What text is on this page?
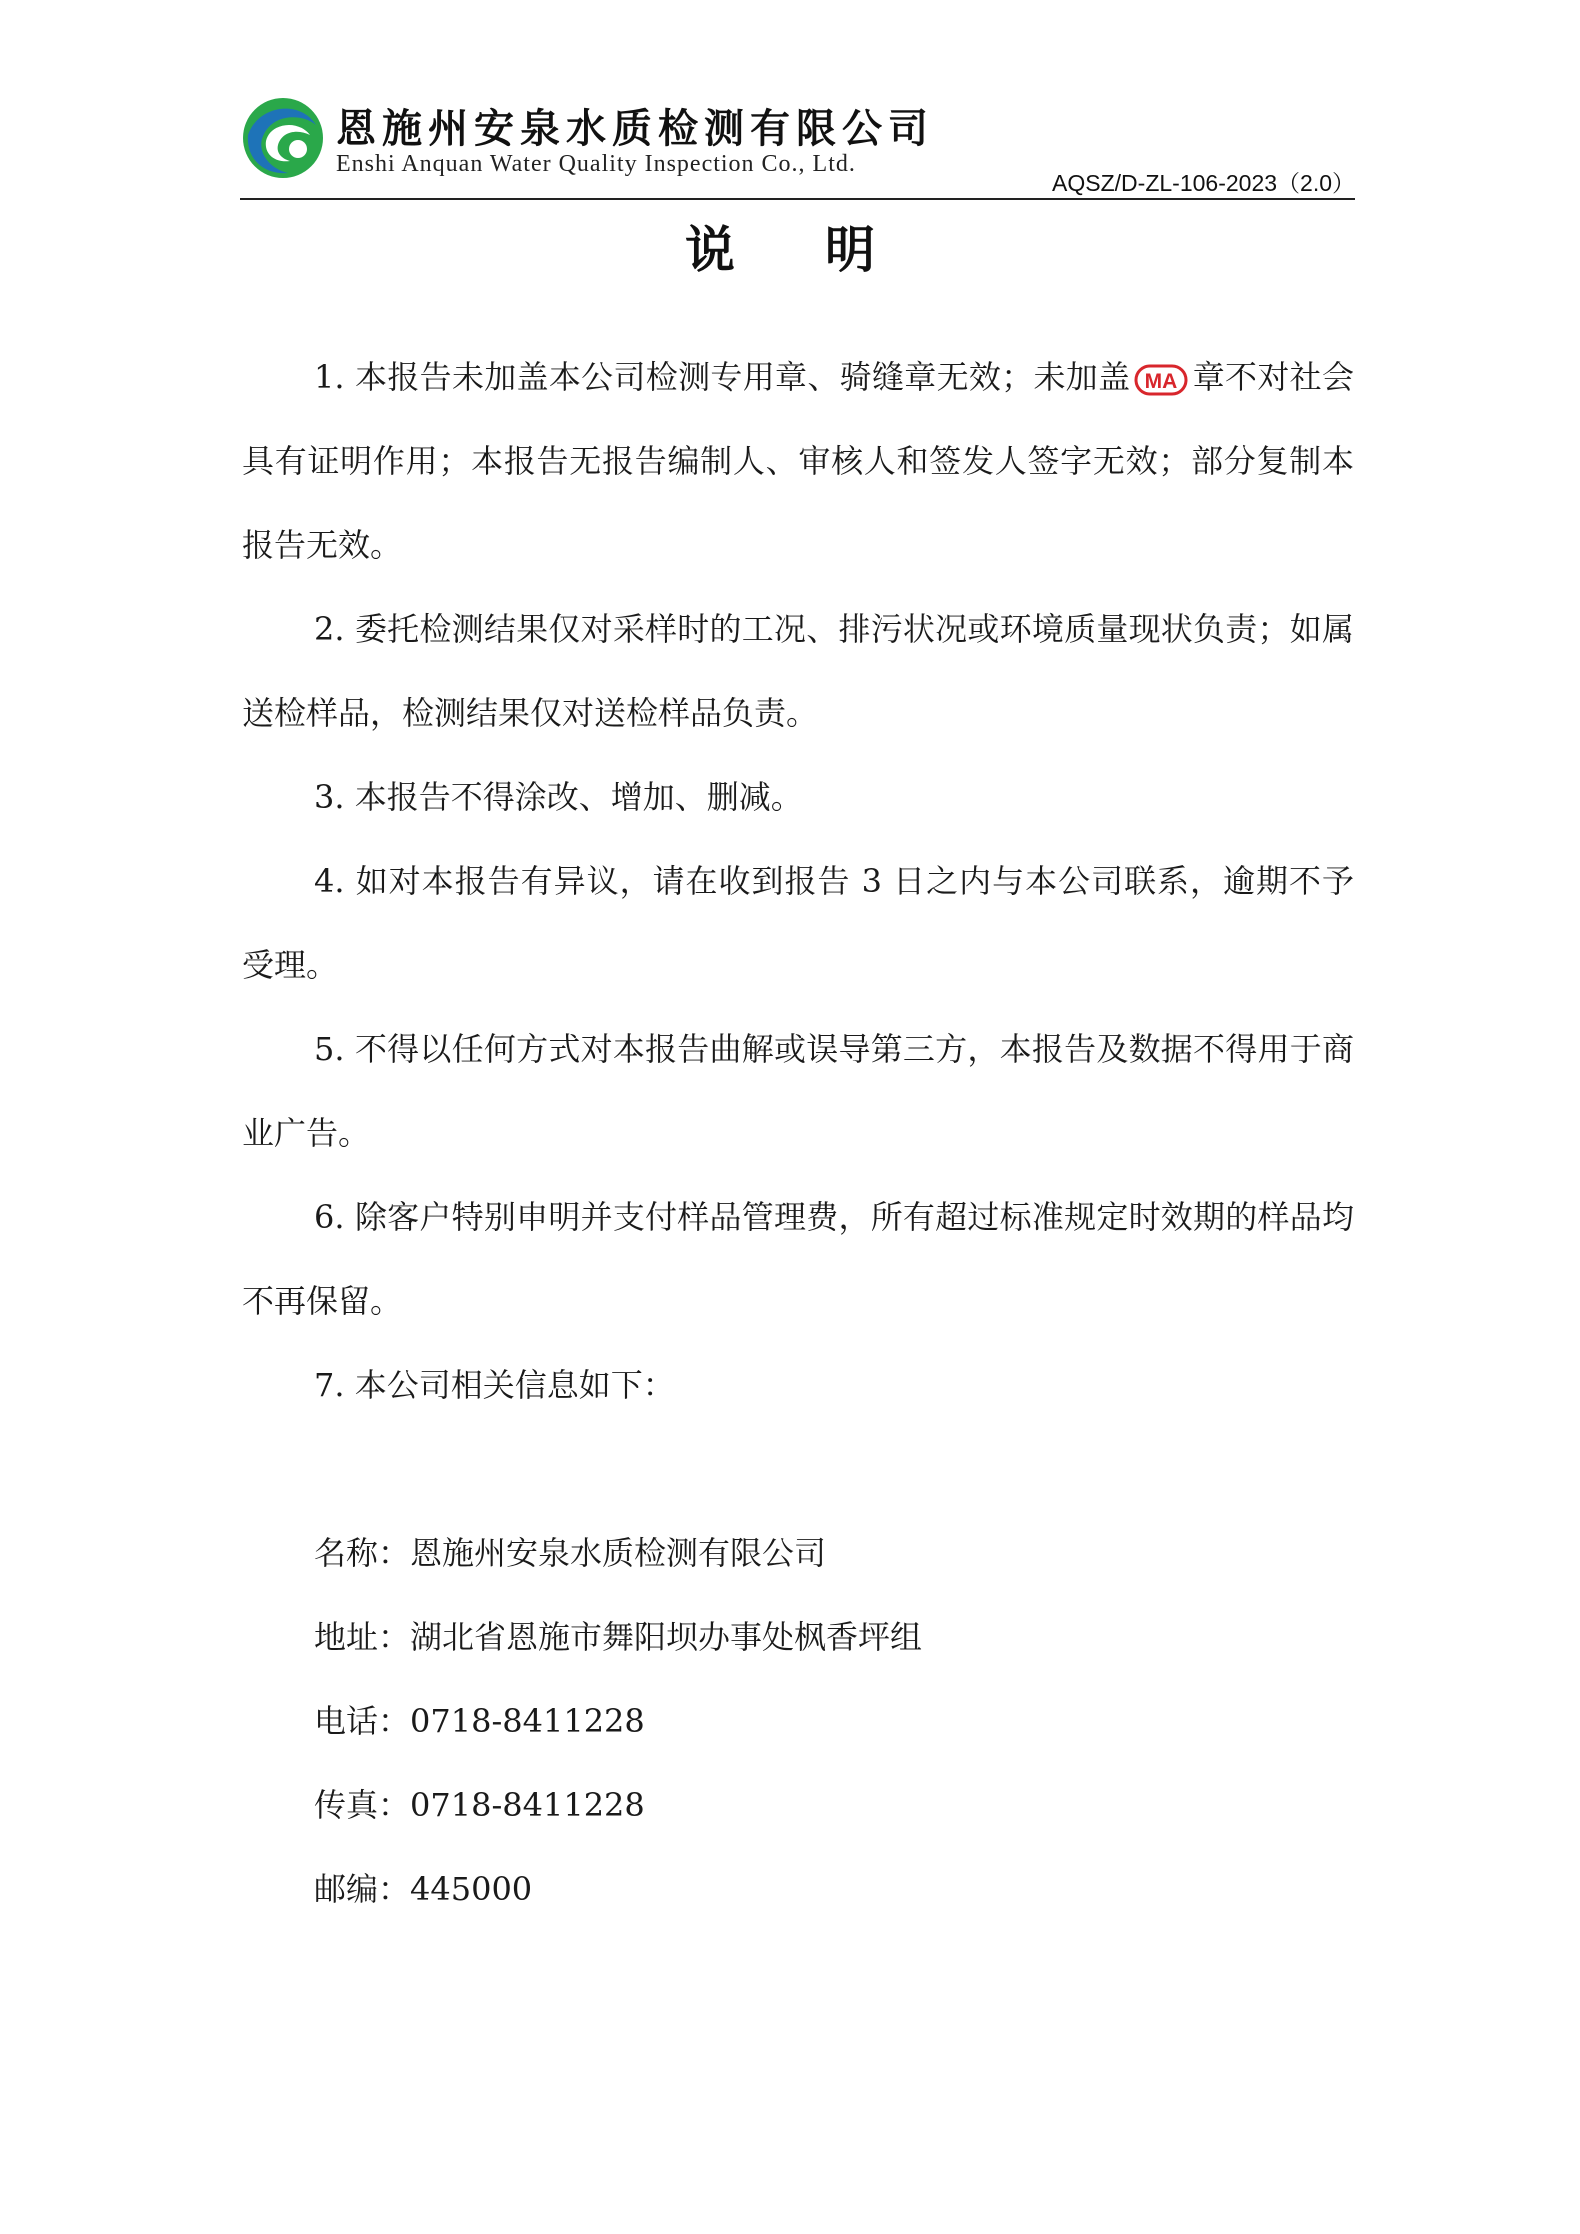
恩施州安泉水质检测有限公司
Enshi Anquan Water Quality Inspection Co., Ltd.
AQSZ/D-ZL-106-2023（2.0）
说　明

1. 本报告未加盖本公司检测专用章、骑缝章无效；未加盖 MA 章不对社会具有证明作用；本报告无报告编制人、审核人和签发人签字无效；部分复制本报告无效。

2. 委托检测结果仅对采样时的工况、排污状况或环境质量现状负责；如属送检样品，检测结果仅对送检样品负责。

3. 本报告不得涂改、增加、删减。

4. 如对本报告有异议，请在收到报告 3 日之内与本公司联系，逾期不予受理。

5. 不得以任何方式对本报告曲解或误导第三方，本报告及数据不得用于商业广告。

6. 除客户特别申明并支付样品管理费，所有超过标准规定时效期的样品均不再保留。

7. 本公司相关信息如下：

名称：恩施州安泉水质检测有限公司
地址：湖北省恩施市舞阳坝办事处枫香坪组
电话：0718-8411228
传真：0718-8411228
邮编：445000
